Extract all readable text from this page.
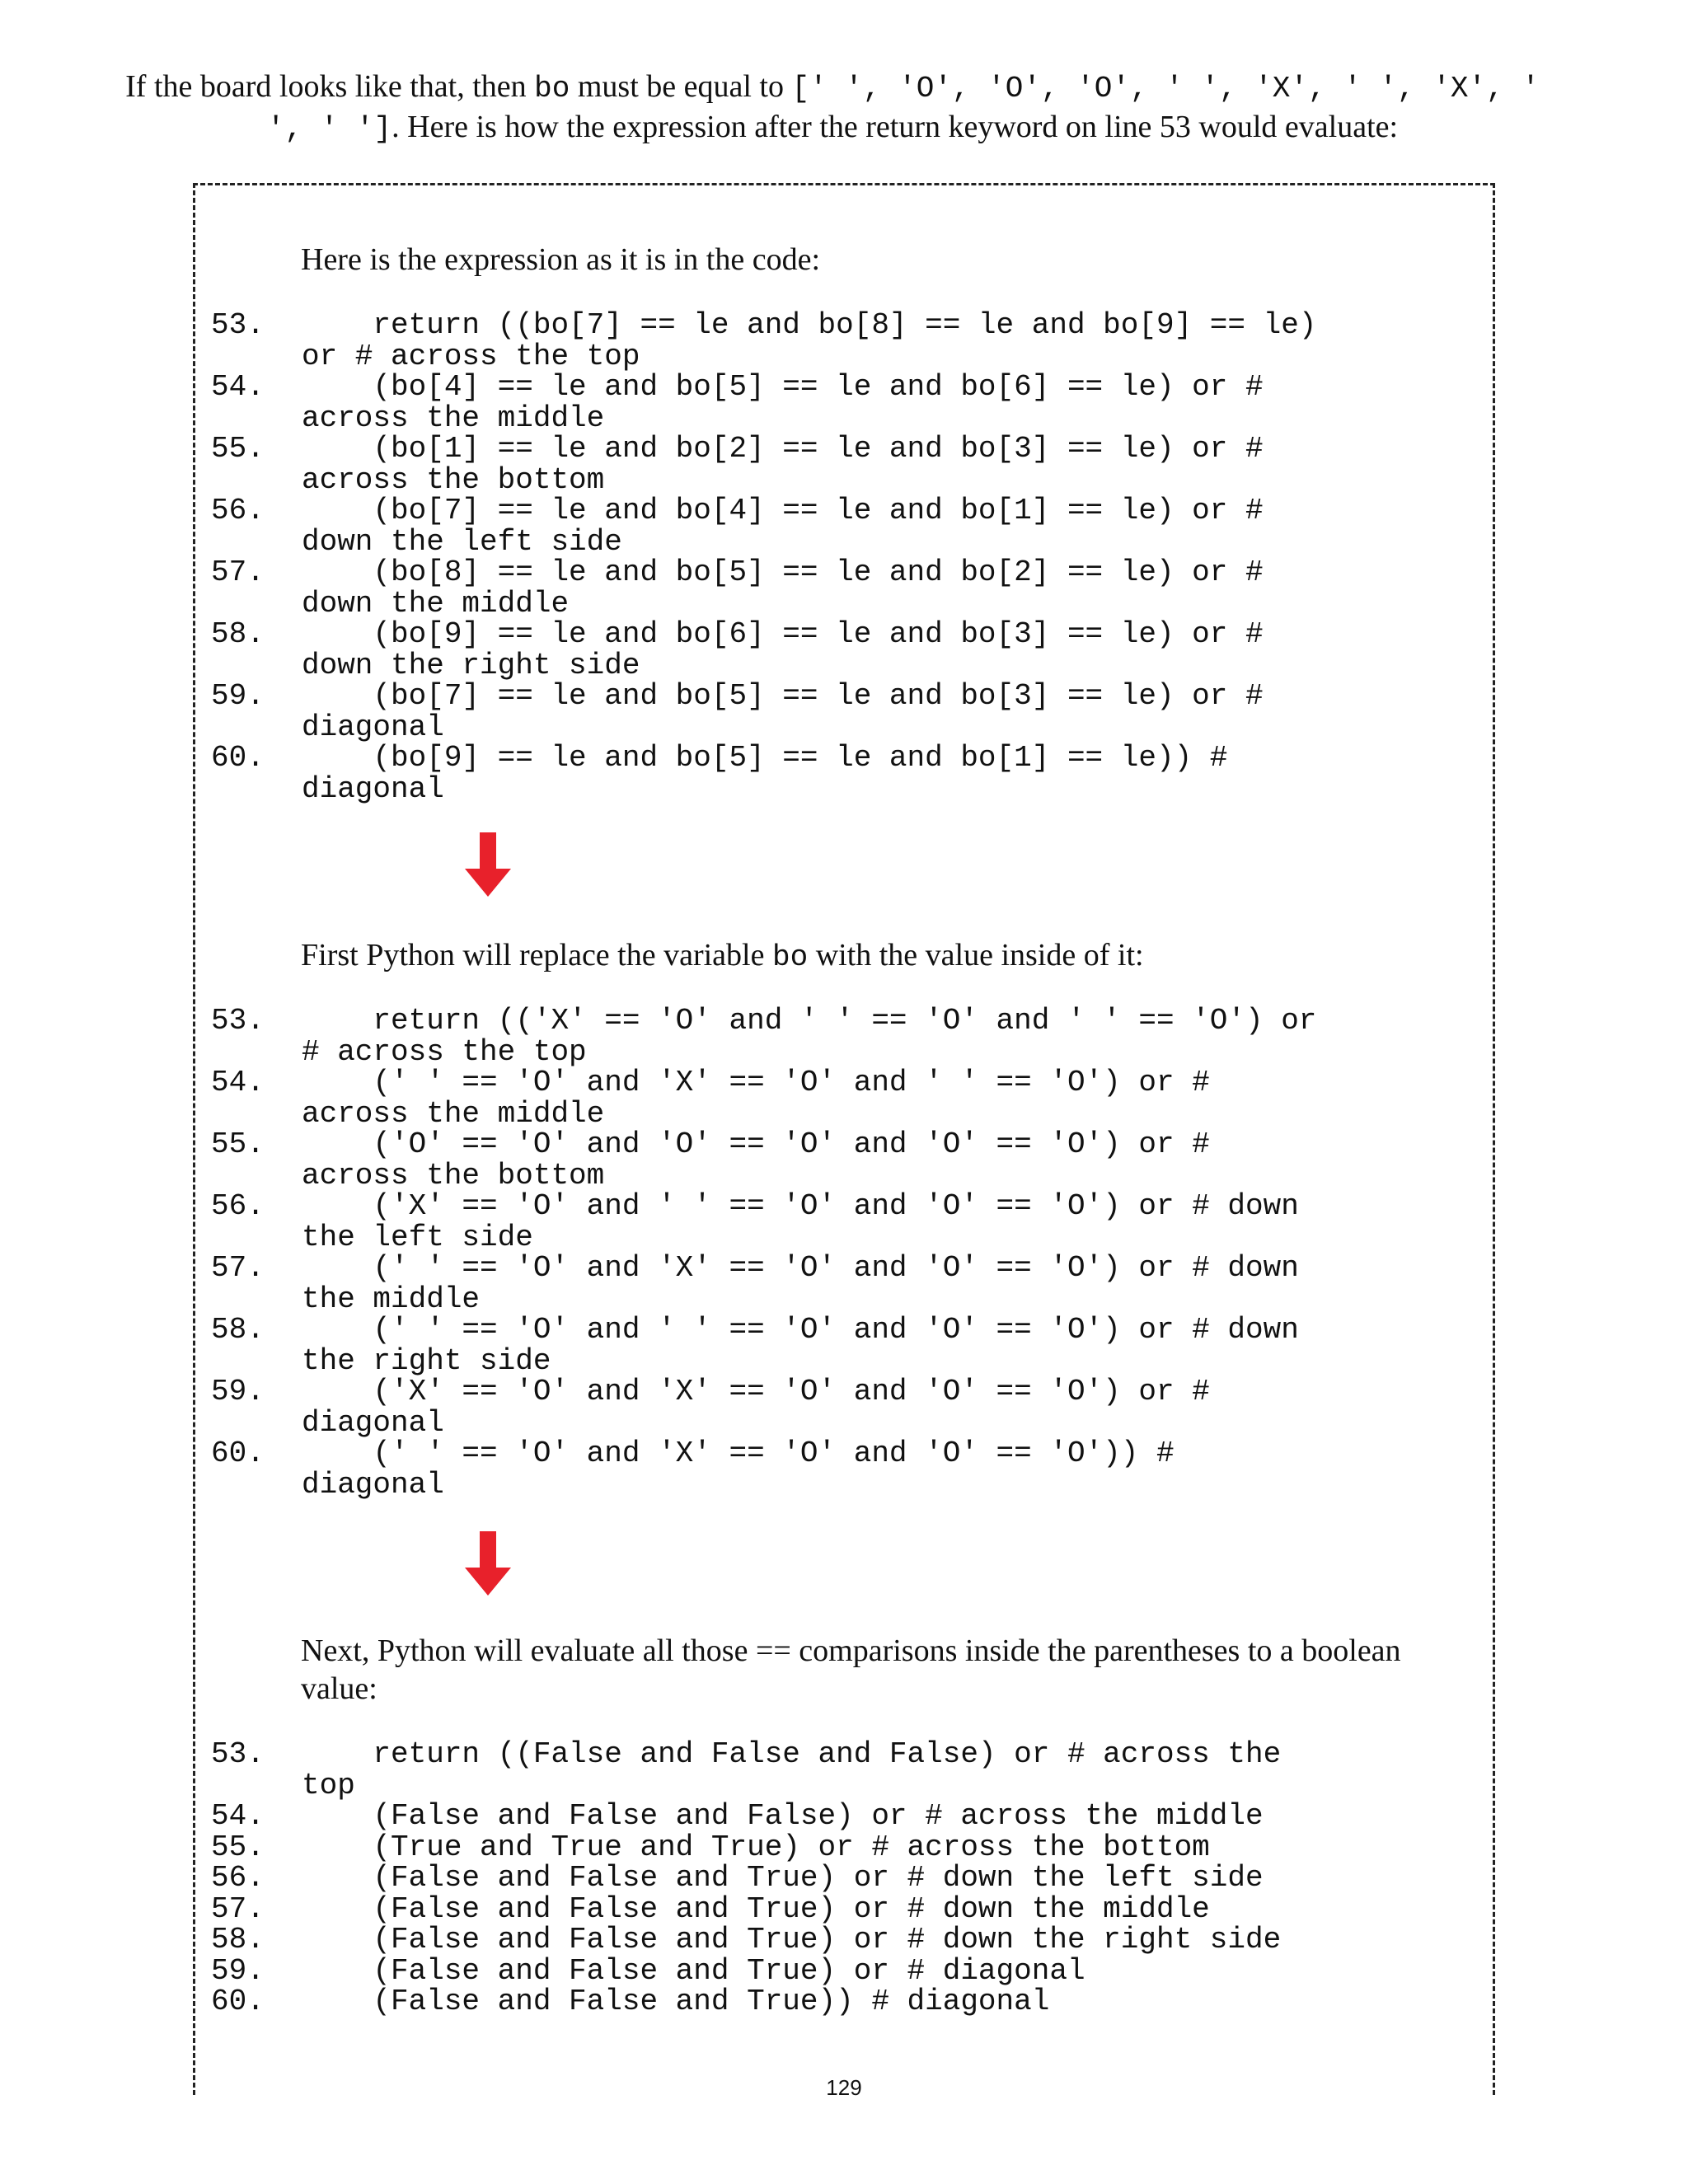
If the board looks like that, then bo must be equal to [' ', 'O', 'O', 'O', ' ', 'X', ' ', 'X', ' ', ' ']. Here is how the expression after the return keyword on line 53 would evaluate:
Here is the expression as it is in the code:
53.	return ((bo[7] == le and bo[8] == le and bo[9] == le)
or # across the top
54.	(bo[4] == le and bo[5] == le and bo[6] == le) or #
across the middle
55.	(bo[1] == le and bo[2] == le and bo[3] == le) or #
across the bottom
56.	(bo[7] == le and bo[4] == le and bo[1] == le) or #
down the left side
57.	(bo[8] == le and bo[5] == le and bo[2] == le) or #
down the middle
58.	(bo[9] == le and bo[6] == le and bo[3] == le) or #
down the right side
59.	(bo[7] == le and bo[5] == le and bo[3] == le) or #
diagonal
60.	(bo[9] == le and bo[5] == le and bo[1] == le)) #
diagonal
First Python will replace the variable bo with the value inside of it:
53.	return (('X' == 'O' and ' ' == 'O' and ' ' == 'O') or
# across the top
54.	(' ' == 'O' and 'X' == 'O' and ' ' == 'O') or #
across the middle
55.	('O' == 'O' and 'O' == 'O' and 'O' == 'O') or #
across the bottom
56.	('X' == 'O' and ' ' == 'O' and 'O' == 'O') or # down
the left side
57.	(' ' == 'O' and 'X' == 'O' and 'O' == 'O') or # down
the middle
58.	(' ' == 'O' and ' ' == 'O' and 'O' == 'O') or # down
the right side
59.	('X' == 'O' and 'X' == 'O' and 'O' == 'O') or #
diagonal
60.	(' ' == 'O' and 'X' == 'O' and 'O' == 'O')) #
diagonal
Next, Python will evaluate all those == comparisons inside the parentheses to a boolean value:
53.	return ((False and False and False) or # across the
top
54.	(False and False and False) or # across the middle
55.	(True and True and True) or # across the bottom
56.	(False and False and True) or # down the left side
57.	(False and False and True) or # down the middle
58.	(False and False and True) or # down the right side
59.	(False and False and True) or # diagonal
60.	(False and False and True)) # diagonal
129
